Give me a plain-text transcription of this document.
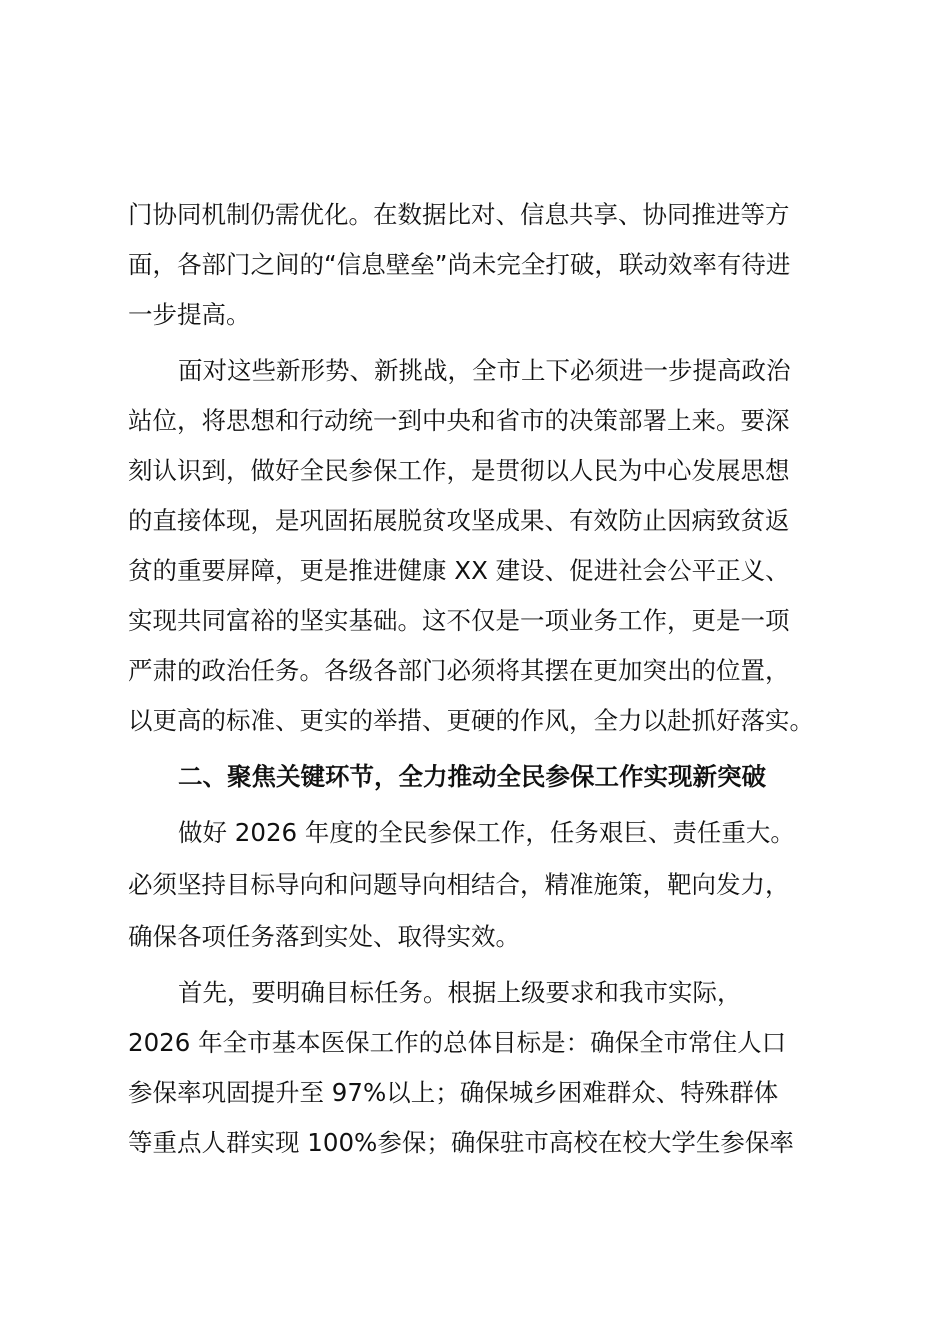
门协同机制仍需优化。在数据比对、信息共享、协同推进等方
面，各部门之间的“信息壁垒”尚未完全打破，联动效率有待进
一步提高。
面对这些新形势、新挑战，全市上下必须进一步提高政治
站位，将思想和行动统一到中央和省市的决策部署上来。要深
刻认识到，做好全民参保工作，是贯彻以人民为中心发展思想
的直接体现，是巩固拓展脱贫攻坚成果、有效防止因病致贫返
贫的重要屏障，更是推进健康 XX 建设、促进社会公平正义、
实现共同富裕的坚实基础。这不仅是一项业务工作，更是一项
严肃的政治任务。各级各部门必须将其摆在更加突出的位置，
以更高的标准、更实的举措、更硬的作风，全力以赴抓好落实。
二、聚焦关键环节，全力推动全民参保工作实现新突破
做好 2026 年度的全民参保工作，任务艰巨、责任重大。
必须坚持目标导向和问题导向相结合，精准施策，靶向发力，
确保各项任务落到实处、取得实效。
首先，要明确目标任务。根据上级要求和我市实际，
2026 年全市基本医保工作的总体目标是：确保全市常住人口
参保率巩固提升至 97%以上；确保城乡困难群众、特殊群体
等重点人群实现 100%参保；确保驻市高校在校大学生参保率
